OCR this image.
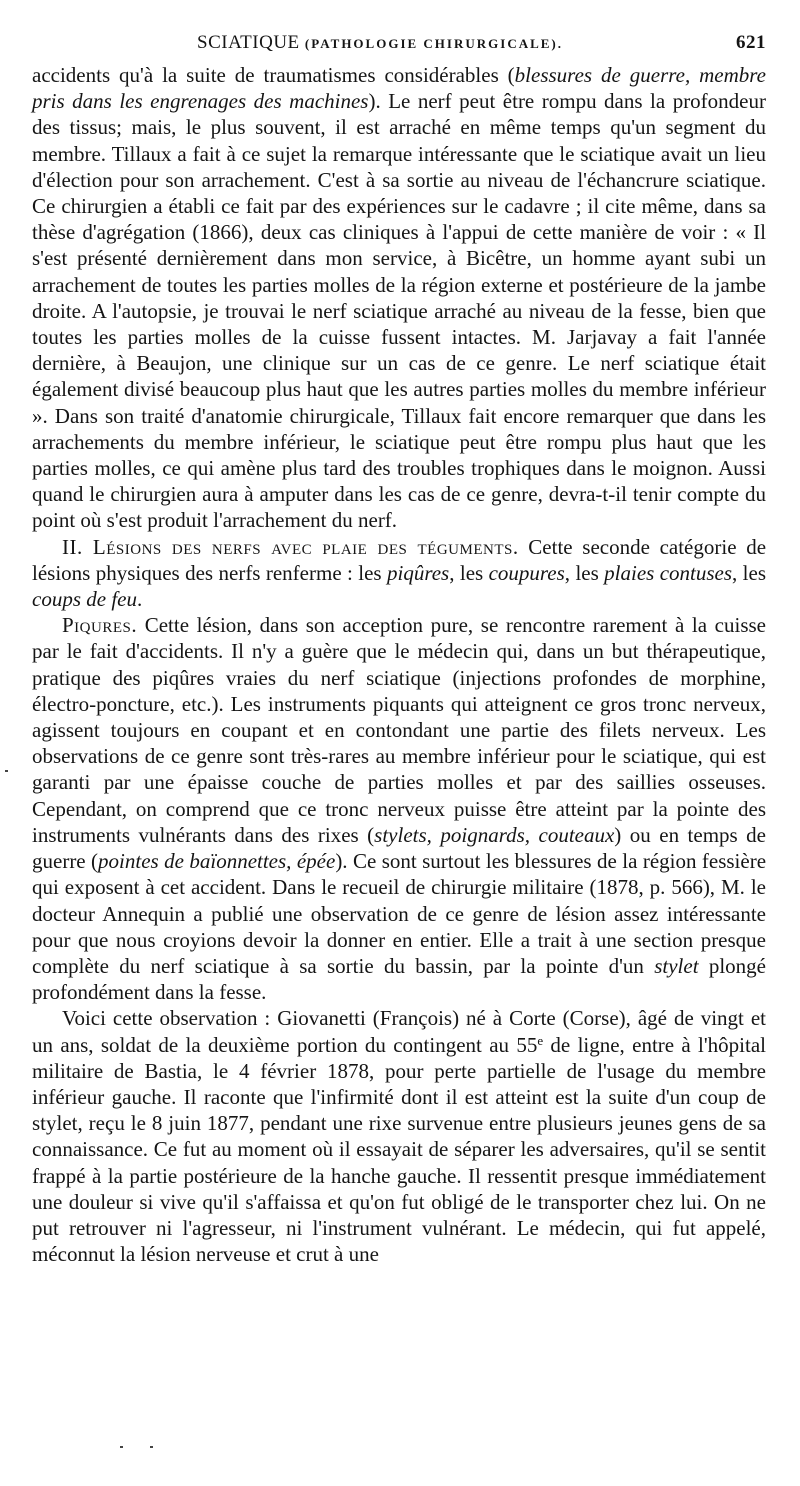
SCIATIQUE (PATHOLOGIE CHIRURGICALE).	621

accidents qu'à la suite de traumatismes considérables (blessures de guerre, membre pris dans les engrenages des machines). Le nerf peut être rompu dans la profondeur des tissus; mais, le plus souvent, il est arraché en même temps qu'un segment du membre. Tillaux a fait à ce sujet la remarque intéressante que le sciatique avait un lieu d'élection pour son arrachement. C'est à sa sortie au niveau de l'échancrure sciatique. Ce chirurgien a établi ce fait par des expériences sur le cadavre ; il cite même, dans sa thèse d'agrégation (1866), deux cas cliniques à l'appui de cette manière de voir : « Il s'est présenté dernièrement dans mon service, à Bicêtre, un homme ayant subi un arrachement de toutes les parties molles de la région externe et postérieure de la jambe droite. A l'autopsie, je trouvai le nerf sciatique arraché au niveau de la fesse, bien que toutes les parties molles de la cuisse fussent intactes. M. Jarjavay a fait l'année dernière, à Beaujon, une clinique sur un cas de ce genre. Le nerf sciatique était également divisé beaucoup plus haut que les autres parties molles du membre inférieur ». Dans son traité d'anatomie chirurgicale, Tillaux fait encore remarquer que dans les arrachements du membre inférieur, le sciatique peut être rompu plus haut que les parties molles, ce qui amène plus tard des troubles trophiques dans le moignon. Aussi quand le chirurgien aura à amputer dans les cas de ce genre, devra-t-il tenir compte du point où s'est produit l'arrachement du nerf.

II. Lésions des nerfs avec plaie des téguments. Cette seconde catégorie de lésions physiques des nerfs renferme : les piqûres, les coupures, les plaies contuses, les coups de feu.

Piqures. Cette lésion, dans son acception pure, se rencontre rarement à la cuisse par le fait d'accidents. Il n'y a guère que le médecin qui, dans un but thérapeutique, pratique des piqûres vraies du nerf sciatique (injections profondes de morphine, électro-poncture, etc.). Les instruments piquants qui atteignent ce gros tronc nerveux, agissent toujours en coupant et en contondant une partie des filets nerveux. Les observations de ce genre sont très-rares au membre inférieur pour le sciatique, qui est garanti par une épaisse couche de parties molles et par des saillies osseuses. Cependant, on comprend que ce tronc nerveux puisse être atteint par la pointe des instruments vulnérants dans des rixes (stylets, poignards, couteaux) ou en temps de guerre (pointes de baïonnettes, épée). Ce sont surtout les blessures de la région fessière qui exposent à cet accident. Dans le recueil de chirurgie militaire (1878, p. 566), M. le docteur Annequin a publié une observation de ce genre de lésion assez intéressante pour que nous croyions devoir la donner en entier. Elle a trait à une section presque complète du nerf sciatique à sa sortie du bassin, par la pointe d'un stylet plongé profondément dans la fesse.

Voici cette observation : Giovanetti (François) né à Corte (Corse), âgé de vingt et un ans, soldat de la deuxième portion du contingent au 55e de ligne, entre à l'hôpital militaire de Bastia, le 4 février 1878, pour perte partielle de l'usage du membre inférieur gauche. Il raconte que l'infirmité dont il est atteint est la suite d'un coup de stylet, reçu le 8 juin 1877, pendant une rixe survenue entre plusieurs jeunes gens de sa connaissance. Ce fut au moment où il essayait de séparer les adversaires, qu'il se sentit frappé à la partie postérieure de la hanche gauche. Il ressentit presque immédiatement une douleur si vive qu'il s'affaissa et qu'on fut obligé de le transporter chez lui. On ne put retrouver ni l'agresseur, ni l'instrument vulnérant. Le médecin, qui fut appelé, méconnut la lésion nerveuse et crut à une
